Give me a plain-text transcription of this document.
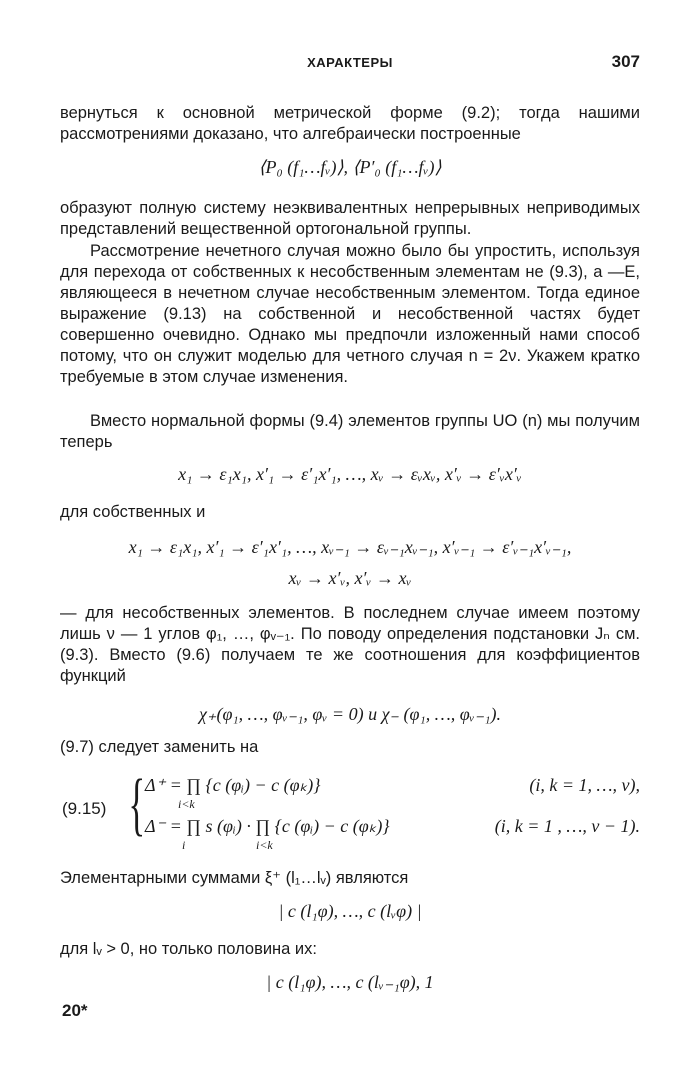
ХАРАКТЕРЫ	307
вернуться к основной метрической форме (9.2); тогда нашими рассмотрениями доказано, что алгебраически построенные
⟨P₀ (f₁…fᵥ)⟩, ⟨P′₀ (f₁…fᵥ)⟩
образуют полную систему неэквивалентных непрерывных неприводимых представлений вещественной ортогональной группы.
Рассмотрение нечетного случая можно было бы упростить, используя для перехода от собственных к несобственным элементам не (9.3), а —E, являющееся в нечетном случае несобственным элементом. Тогда единое выражение (9.13) на собственной и несобственной частях будет совершенно очевидно. Однако мы предпочли изложенный нами способ потому, что он служит моделью для четного случая n = 2ν. Укажем кратко требуемые в этом случае изменения.
Вместо нормальной формы (9.4) элементов группы UO (n) мы получим теперь
x₁ → ε₁x₁, x′₁ → ε′₁x′₁, …, xᵥ → εᵥxᵥ, x′ᵥ → ε′ᵥx′ᵥ
для собственных и
x₁ → ε₁x₁, x′₁ → ε′₁x′₁, …, xᵥ₋₁ → εᵥ₋₁xᵥ₋₁, x′ᵥ₋₁ → ε′ᵥ₋₁x′ᵥ₋₁,
xᵥ → x′ᵥ, x′ᵥ → xᵥ
— для несобственных элементов. В последнем случае имеем поэтому лишь ν — 1 углов φ₁, …, φᵥ₋₁. По поводу определения подстановки Jₙ см. (9.3). Вместо (9.6) получаем те же соотношения для коэффициентов функций
χ₊(φ₁, …, φᵥ₋₁, φᵥ = 0) и χ₋ (φ₁, …, φᵥ₋₁).
(9.7) следует заменить на
(9.15) { Δ⁺ = ∏ {c (φᵢ) − c (φₖ)}
i<k
(i, k = 1, …, ν),
Δ⁻ = ∏ s (φᵢ) · ∏ {c (φᵢ) − c (φₖ)}
i	i<k
(i, k = 1 , …, ν − 1).
Элементарными суммами ξ⁺ (l₁…lᵥ) являются
| c (l₁φ), …, c (lᵥφ) |
для lᵥ > 0, но только половина их:
| c (l₁φ), …, c (lᵥ₋₁φ), 1
20*
